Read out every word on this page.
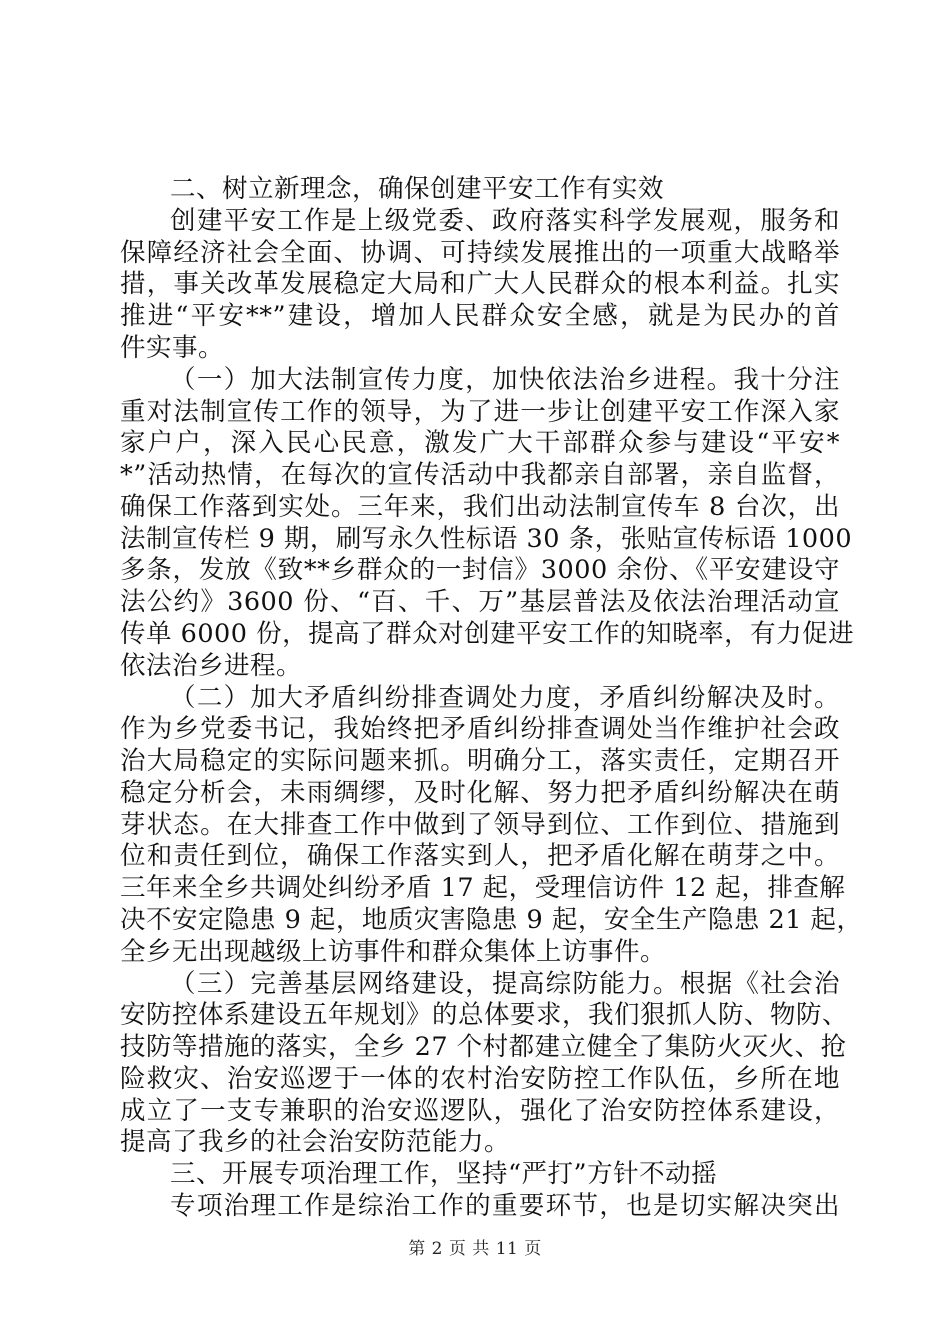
二、树立新理念，确保创建平安工作有实效
创建平安工作是上级党委、政府落实科学发展观，服务和
保障经济社会全面、协调、可持续发展推出的一项重大战略举
措，事关改革发展稳定大局和广大人民群众的根本利益。扎实
推进“平安**”建设，增加人民群众安全感，就是为民办的首
件实事。
（一）加大法制宣传力度，加快依法治乡进程。我十分注
重对法制宣传工作的领导，为了进一步让创建平安工作深入家
家户户，深入民心民意，激发广大干部群众参与建设“平安*
*”活动热情，在每次的宣传活动中我都亲自部署，亲自监督，
确保工作落到实处。三年来，我们出动法制宣传车 8 台次，出
法制宣传栏 9 期，刷写永久性标语 30 条，张贴宣传标语 1000
多条，发放《致**乡群众的一封信》3000 余份、《平安建设守
法公约》3600 份、“百、千、万”基层普法及依法治理活动宣
传单 6000 份，提高了群众对创建平安工作的知晓率，有力促进
依法治乡进程。
（二）加大矛盾纠纷排查调处力度，矛盾纠纷解决及时。
作为乡党委书记，我始终把矛盾纠纷排查调处当作维护社会政
治大局稳定的实际问题来抓。明确分工，落实责任，定期召开
稳定分析会，未雨绸缪，及时化解、努力把矛盾纠纷解决在萌
芽状态。在大排查工作中做到了领导到位、工作到位、措施到
位和责任到位，确保工作落实到人，把矛盾化解在萌芽之中。
三年来全乡共调处纠纷矛盾 17 起，受理信访件 12 起，排查解
决不安定隐患 9 起，地质灾害隐患 9 起，安全生产隐患 21 起，
全乡无出现越级上访事件和群众集体上访事件。
（三）完善基层网络建设，提高综防能力。根据《社会治
安防控体系建设五年规划》的总体要求，我们狠抓人防、物防、
技防等措施的落实，全乡 27 个村都建立健全了集防火灭火、抢
险救灾、治安巡逻于一体的农村治安防控工作队伍，乡所在地
成立了一支专兼职的治安巡逻队，强化了治安防控体系建设，
提高了我乡的社会治安防范能力。
三、开展专项治理工作，坚持“严打”方针不动摇
专项治理工作是综治工作的重要环节，也是切实解决突出
第 2 页 共 11 页
